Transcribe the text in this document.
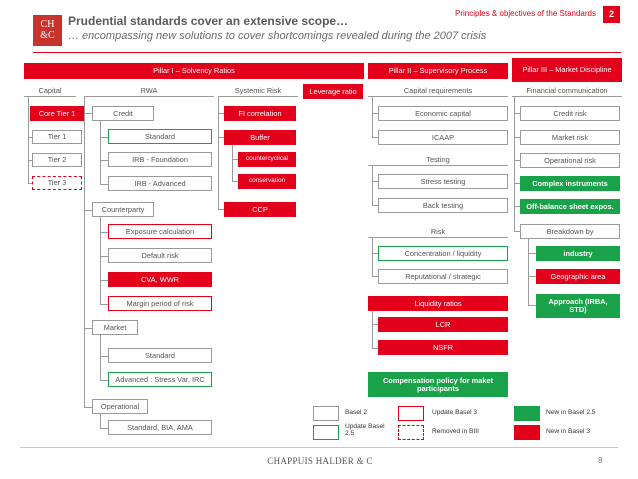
CH &C
Prudential standards cover an extensive scope…
… encompassing new solutions to cover shortcomings revealed during the 2007 crisis
Principles & objectives of the Standards	2
Pillar I – Solvency Ratios	Pillar II – Supervisory Process	Pillar III – Market Discipline
Capital
Core Tier 1
Tier 1
Tier 2
Tier 3
RWA
Credit
Standard
IRB - Foundation
IRB - Advanced
Counterparty
Exposure calculation
Default risk
CVA, WWR
Margin period of risk
Market
Standard
Advanced : Stress Var, IRC
Operational
Standard, BIA, AMA
Systemic Risk
FI correlation
Buffer
countercyclical
conservation
CCP
Leverage ratio	Capital requirements
Economic capital
ICAAP
Testing
Stress testing
Back testing
Risk
Concentration / liquidity
Reputational / strategic
Liquidity ratios
LCR
NSFR
Compensation policy for maket participants
Financial communication
Credit risk
Market risk
Operational risk
Complex instruments
Off-balance sheet expos.
Breakdown by
industry
Geographic area
Approach (IRBA, STD)
Basel 2	Update Basel 3	New in Basel 2.5
Update Basel 2.5	Removed in BIII	New in Basel 3
CHAPPUIS HALDER & C	8
